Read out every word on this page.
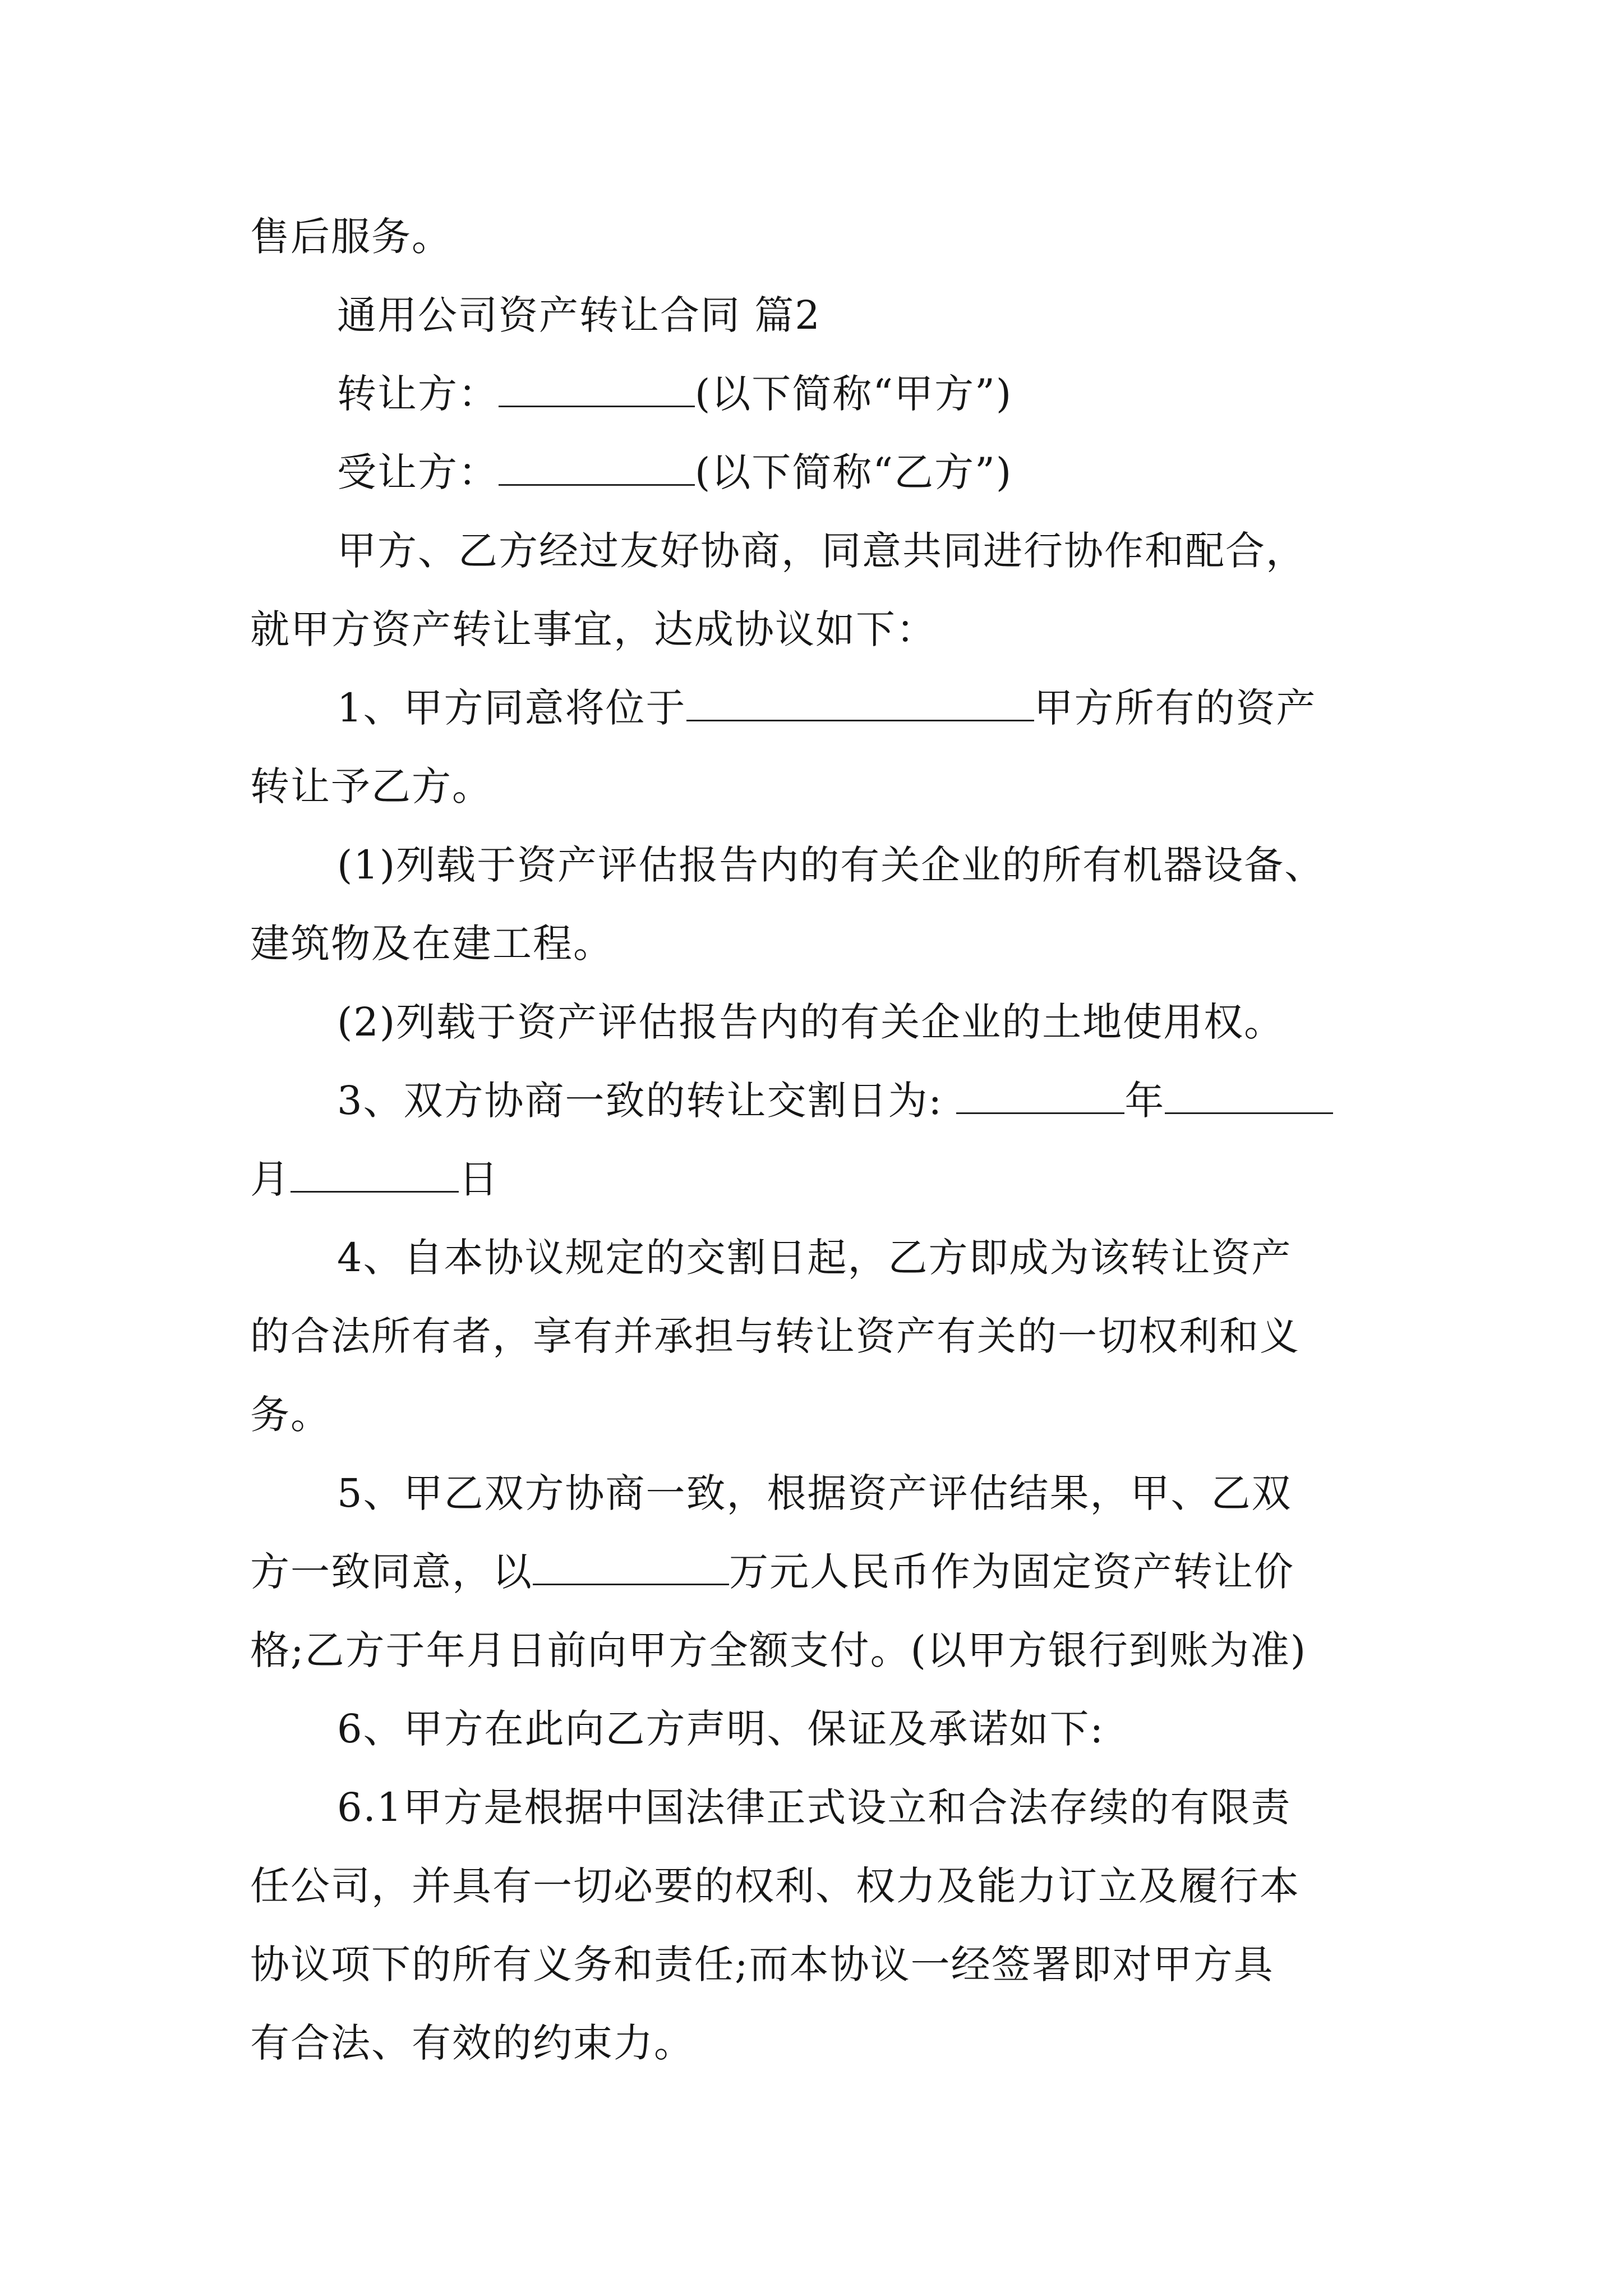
售后服务。
通用公司资产转让合同 篇2
转让方：	(以下简称“甲方”)
受让方：	(以下简称“乙方”)
甲方、乙方经过友好协商，同意共同进行协作和配合，
就甲方资产转让事宜，达成协议如下：
1、甲方同意将位于	甲方所有的资产
转让予乙方。
(1)列载于资产评估报告内的有关企业的所有机器设备、
建筑物及在建工程。
(2)列载于资产评估报告内的有关企业的土地使用权。
3、双方协商一致的转让交割日为:	年
月	日
4、自本协议规定的交割日起，乙方即成为该转让资产
的合法所有者，享有并承担与转让资产有关的一切权利和义
务。
5、甲乙双方协商一致，根据资产评估结果，甲、乙双
方一致同意，以	万元人民币作为固定资产转让价
格;乙方于年月日前向甲方全额支付。(以甲方银行到账为准)
6、甲方在此向乙方声明、保证及承诺如下:
6.1甲方是根据中国法律正式设立和合法存续的有限责
任公司，并具有一切必要的权利、权力及能力订立及履行本
协议项下的所有义务和责任;而本协议一经签署即对甲方具
有合法、有效的约束力。
